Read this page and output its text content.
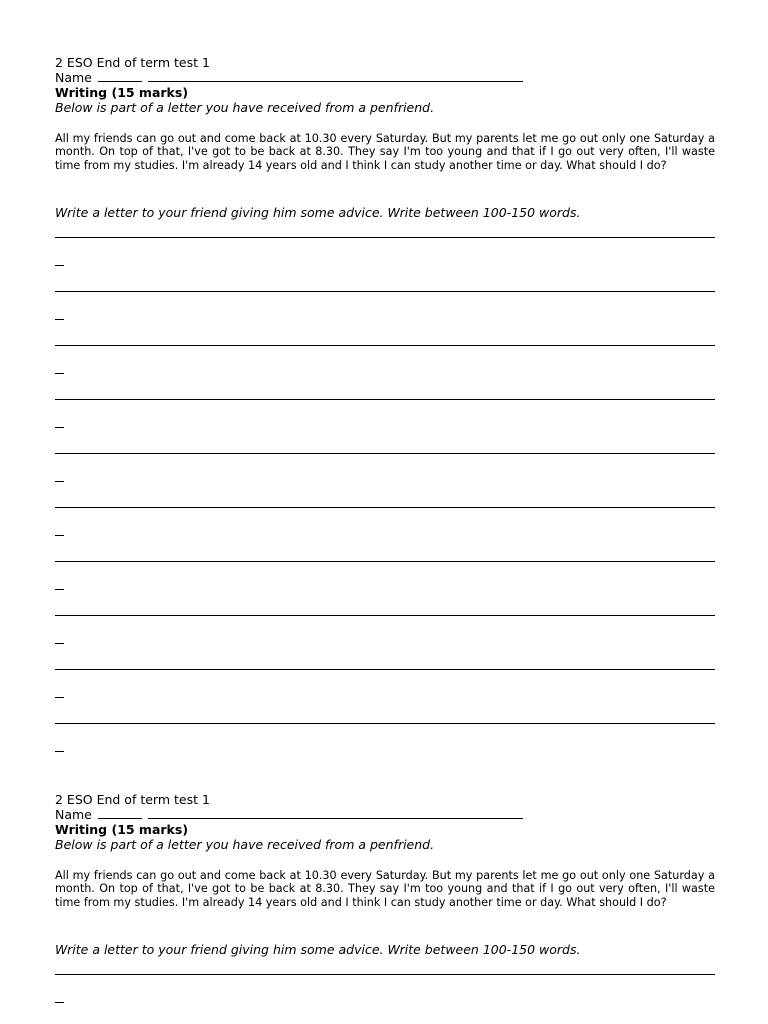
2 ESO End of term test 1

Name

Writing (15 marks)

Below is part of a letter you have received from a penfriend.

All my friends can go out and come back at 10.30 every Saturday. But my parents let me go out only one Saturday a month. On top of that, I've got to be back at 8.30. They say I'm too young and that if I go out very often, I'll waste time from my studies. I'm already 14 years old and I think I can study another time or day. What should I do?

Write a letter to your friend giving him some advice. Write between 100-150 words.

2 ESO End of term test 1

Name

Writing (15 marks)

Below is part of a letter you have received from a penfriend.

All my friends can go out and come back at 10.30 every Saturday. But my parents let me go out only one Saturday a month. On top of that, I've got to be back at 8.30. They say I'm too young and that if I go out very often, I'll waste time from my studies. I'm already 14 years old and I think I can study another time or day. What should I do?

Write a letter to your friend giving him some advice. Write between 100-150 words.
